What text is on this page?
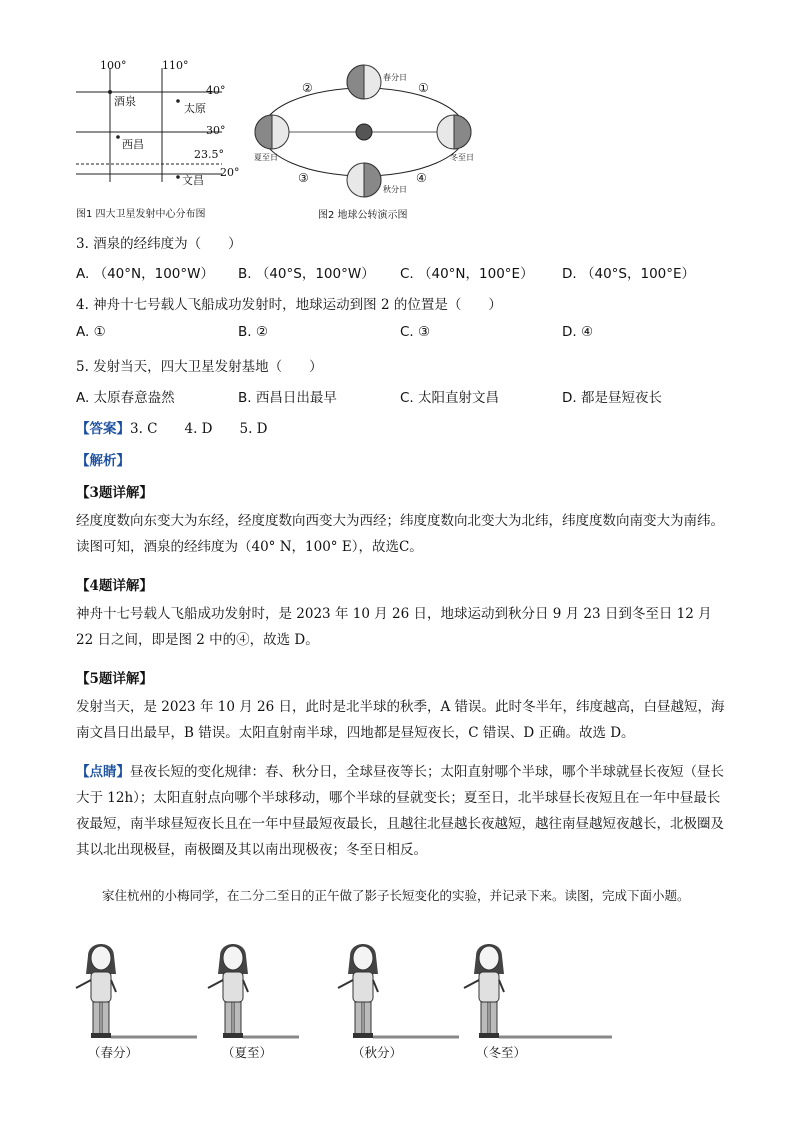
100°	110°
40°
30°
23.5°
20°
酒泉
太原
西昌
文昌
图1 四大卫星发射中心分布图
春分日
夏至日	冬至日
秋分日
①
②
③	④
图2 地球公转演示图
3. 酒泉的经纬度为（　　）
A. （40°N，100°W） B. （40°S，100°W） C. （40°N，100°E） D. （40°S，100°E）
4. 神舟十七号载人飞船成功发射时，地球运动到图 2 的位置是（　　）
A. ①	B. ②	C. ③	D. ④
5. 发射当天，四大卫星发射基地（　　）
A. 太原春意盎然	B. 西昌日出最早	C. 太阳直射文昌	D. 都是昼短夜长
【答案】3. C　　4. D　　5. D
【解析】
【3题详解】
经度度数向东变大为东经，经度度数向西变大为西经；纬度度数向北变大为北纬，纬度度数向南变大为南纬。读图可知，酒泉的经纬度为（40° N，100° E），故选C。
【4题详解】
神舟十七号载人飞船成功发射时，是 2023 年 10 月 26 日，地球运动到秋分日 9 月 23 日到冬至日 12 月 22 日之间，即是图 2 中的④，故选 D。
【5题详解】
发射当天，是 2023 年 10 月 26 日，此时是北半球的秋季，A 错误。此时冬半年，纬度越高，白昼越短，海南文昌日出最早，B 错误。太阳直射南半球，四地都是昼短夜长，C 错误、D 正确。故选 D。
【点睛】昼夜长短的变化规律：春、秋分日，全球昼夜等长；太阳直射哪个半球，哪个半球就昼长夜短（昼长大于 12h）；太阳直射点向哪个半球移动，哪个半球的昼就变长；夏至日，北半球昼长夜短且在一年中昼最长夜最短，南半球昼短夜长且在一年中昼最短夜最长，且越往北昼越长夜越短，越往南昼越短夜越长，北极圈及其以北出现极昼，南极圈及其以南出现极夜；冬至日相反。
家住杭州的小梅同学，在二分二至日的正午做了影子长短变化的实验，并记录下来。读图，完成下面小题。
（春分）	（夏至）	（秋分）	（冬至）
